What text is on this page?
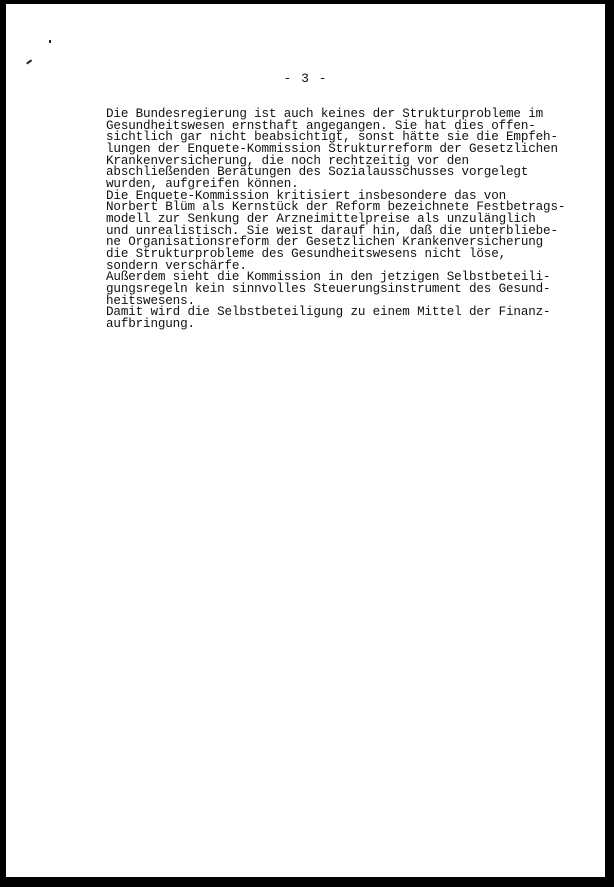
- 3 -
Die Bundesregierung ist auch keines der Strukturprobleme im
Gesundheitswesen ernsthaft angegangen. Sie hat dies offen-
sichtlich gar nicht beabsichtigt, sonst hätte sie die Empfeh-
lungen der Enquete-Kommission Strukturreform der Gesetzlichen
Krankenversicherung, die noch rechtzeitig vor den
abschließenden Beratungen des Sozialausschusses vorgelegt
wurden, aufgreifen können.
Die Enquete-Kommission kritisiert insbesondere das von
Norbert Blüm als Kernstück der Reform bezeichnete Festbetrags-
modell zur Senkung der Arzneimittelpreise als unzulänglich
und unrealistisch. Sie weist darauf hin, daß die unterbliebe-
ne Organisationsreform der Gesetzlichen Krankenversicherung
die Strukturprobleme des Gesundheitswesens nicht löse,
sondern verschärfe.
Außerdem sieht die Kommission in den jetzigen Selbstbeteili-
gungsregeln kein sinnvolles Steuerungsinstrument des Gesund-
heitswesens.
Damit wird die Selbstbeteiligung zu einem Mittel der Finanz-
aufbringung.
